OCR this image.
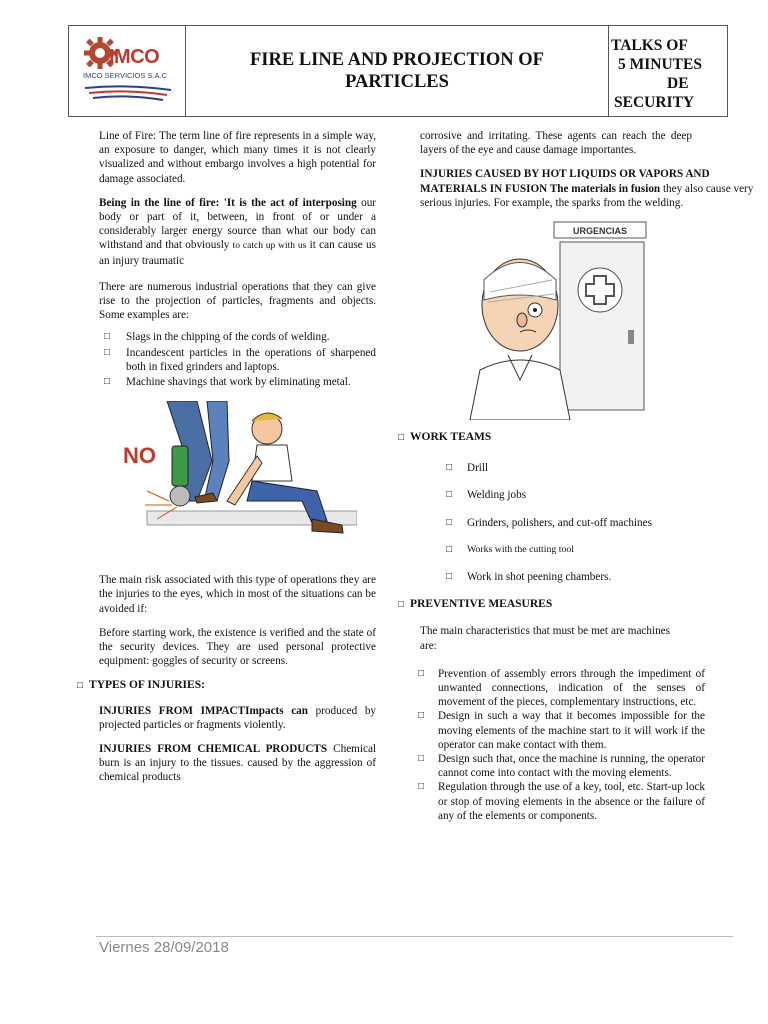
IMCO
IMCO SERVICIOS S.A.C
FIRE LINE AND PROJECTION OF PARTICLES
TALKS OF
5 MINUTES
DE
SECURITY

Line of Fire: The term line of fire represents in a simple way, an exposure to danger, which many times it is not clearly visualized and without embargo involves a high potential for damage associated.

Being in the line of fire: 'It is the act of interposing our body or part of it, between, in front of or under a considerably larger energy source than what our body can withstand and that obviously to catch up with us it can cause us an injury traumatic

There are numerous industrial operations that they can give rise to the projection of particles, fragments and objects. Some examples are:

□ Slags in the chipping of the cords of welding.
□ Incandescent particles in the operations of sharpened both in fixed grinders and laptops.
□ Machine shavings that work by eliminating metal.
NO

The main risk associated with this type of operations they are the injuries to the eyes, which in most of the situations can be avoided if:

Before starting work, the existence is verified and the state of the security devices. They are used personal protective equipment: goggles of security or screens.

□ TYPES OF INJURIES:

INJURIES FROM IMPACTImpacts can produced by projected particles or fragments violently.

INJURIES FROM CHEMICAL PRODUCTS Chemical burn is an injury to the tissues. caused by the aggression of chemical products

corrosive and irritating. These agents can reach the deep layers of the eye and cause damage importantes.

INJURIES CAUSED BY HOT LIQUIDS OR VAPORS AND MATERIALS IN FUSION The materials in fusion they also cause very serious injuries. For example, the sparks from the welding.

URGENCIAS
□ WORK TEAMS
□ Drill
□ Welding jobs
□ Grinders, polishers, and cut-off machines
□ Works with the cutting tool
□ Work in shot peening chambers.
□ PREVENTIVE MEASURES

The main characteristics that must be met are machines are:

□ Prevention of assembly errors through the impediment of unwanted connections, indication of the senses of movement of the pieces, complementary instructions, etc.
□ Design in such a way that it becomes impossible for the moving elements of the machine start to it will work if the operator can make contact with them.
□ Design such that, once the machine is running, the operator cannot come into contact with the moving elements.
□ Regulation through the use of a key, tool, etc. Start-up lock or stop of moving elements in the absence or the failure of any of the elements or components.
Viernes 28/09/2018
